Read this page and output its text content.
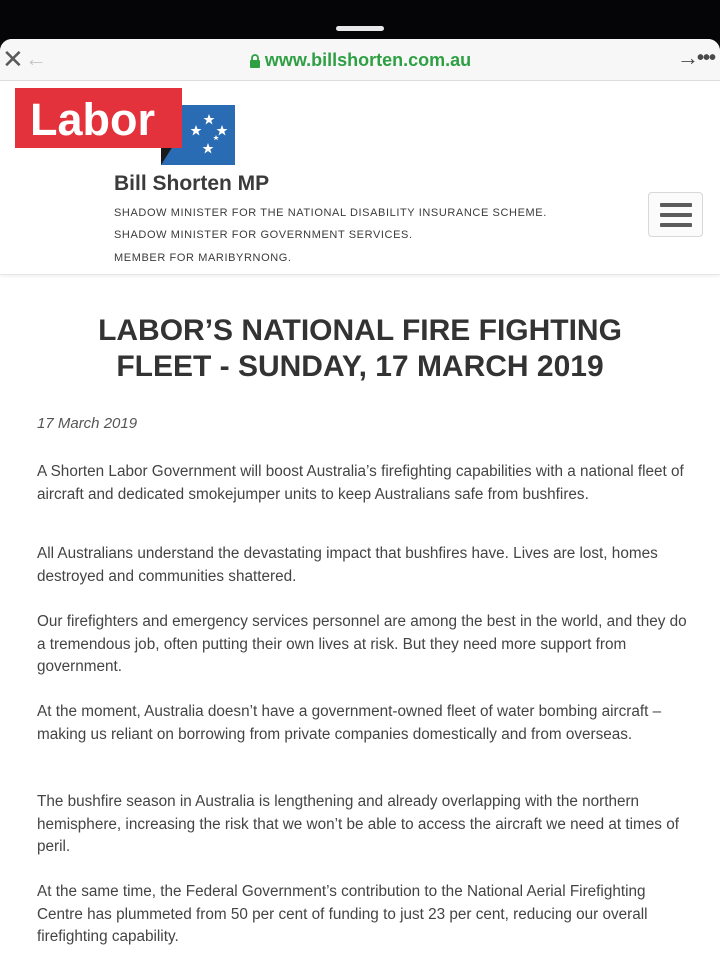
✕ ←	www.billshorten.com.au	→
•••
Labor
Bill Shorten MP
SHADOW MINISTER FOR THE NATIONAL DISABILITY INSURANCE SCHEME.
SHADOW MINISTER FOR GOVERNMENT SERVICES.
MEMBER FOR MARIBYRNONG.
LABOR’S NATIONAL FIRE FIGHTING
FLEET - SUNDAY, 17 MARCH 2019
17 March 2019

A Shorten Labor Government will boost Australia’s firefighting capabilities with a national fleet of aircraft and dedicated smokejumper units to keep Australians safe from bushfires.

All Australians understand the devastating impact that bushfires have. Lives are lost, homes destroyed and communities shattered.

Our firefighters and emergency services personnel are among the best in the world, and they do a tremendous job, often putting their own lives at risk. But they need more support from government.

At the moment, Australia doesn’t have a government-owned fleet of water bombing aircraft – making us reliant on borrowing from private companies domestically and from overseas.

The bushfire season in Australia is lengthening and already overlapping with the northern hemisphere, increasing the risk that we won’t be able to access the aircraft we need at times of peril.

At the same time, the Federal Government’s contribution to the National Aerial Firefighting Centre has plummeted from 50 per cent of funding to just 23 per cent, reducing our overall firefighting capability.
